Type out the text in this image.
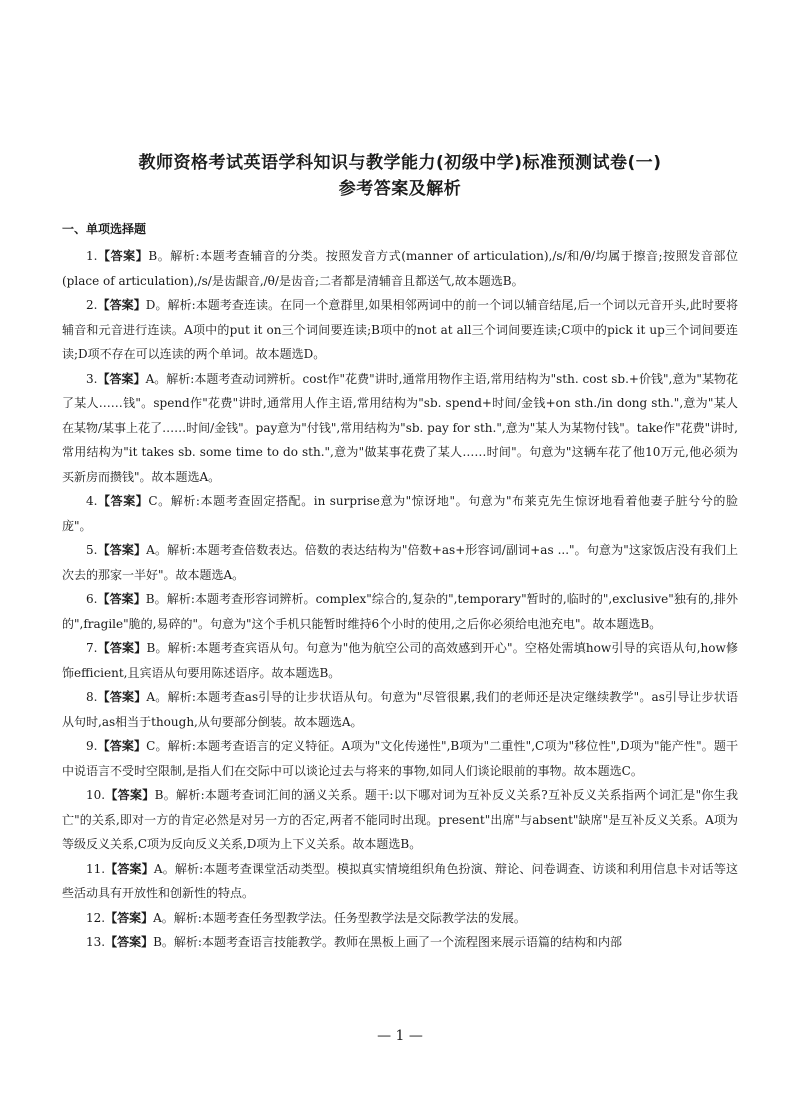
教师资格考试英语学科知识与教学能力(初级中学)标准预测试卷(一)
参考答案及解析
一、单项选择题

1.【答案】B。解析:本题考查辅音的分类。按照发音方式(manner of articulation),/s/和/θ/均属于擦音;按照发音部位(place of articulation),/s/是齿龈音,/θ/是齿音;二者都是清辅音且都送气,故本题选B。

2.【答案】D。解析:本题考查连读。在同一个意群里,如果相邻两词中的前一个词以辅音结尾,后一个词以元音开头,此时要将辅音和元音进行连读。A项中的put it on三个词间要连读;B项中的not at all三个词间要连读;C项中的pick it up三个词间要连读;D项不存在可以连读的两个单词。故本题选D。

3.【答案】A。解析:本题考查动词辨析。cost作"花费"讲时,通常用物作主语,常用结构为"sth. cost sb.+价钱",意为"某物花了某人……钱"。spend作"花费"讲时,通常用人作主语,常用结构为"sb. spend+时间/金钱+on sth./in dong sth.",意为"某人在某物/某事上花了……时间/金钱"。pay意为"付钱",常用结构为"sb. pay for sth.",意为"某人为某物付钱"。take作"花费"讲时,常用结构为"it takes sb. some time to do sth.",意为"做某事花费了某人……时间"。句意为"这辆车花了他10万元,他必须为买新房而攒钱"。故本题选A。

4.【答案】C。解析:本题考查固定搭配。in surprise意为"惊讶地"。句意为"布莱克先生惊讶地看着他妻子脏兮兮的脸庞"。

5.【答案】A。解析:本题考查倍数表达。倍数的表达结构为"倍数+as+形容词/副词+as ..."。句意为"这家饭店没有我们上次去的那家一半好"。故本题选A。

6.【答案】B。解析:本题考查形容词辨析。complex"综合的,复杂的",temporary"暂时的,临时的",exclusive"独有的,排外的",fragile"脆的,易碎的"。句意为"这个手机只能暂时维持6个小时的使用,之后你必须给电池充电"。故本题选B。

7.【答案】B。解析:本题考查宾语从句。句意为"他为航空公司的高效感到开心"。空格处需填how引导的宾语从句,how修饰efficient,且宾语从句要用陈述语序。故本题选B。

8.【答案】A。解析:本题考查as引导的让步状语从句。句意为"尽管很累,我们的老师还是决定继续教学"。as引导让步状语从句时,as相当于though,从句要部分倒装。故本题选A。

9.【答案】C。解析:本题考查语言的定义特征。A项为"文化传递性",B项为"二重性",C项为"移位性",D项为"能产性"。题干中说语言不受时空限制,是指人们在交际中可以谈论过去与将来的事物,如同人们谈论眼前的事物。故本题选C。

10.【答案】B。解析:本题考查词汇间的涵义关系。题干:以下哪对词为互补反义关系?互补反义关系指两个词汇是"你生我亡"的关系,即对一方的肯定必然是对另一方的否定,两者不能同时出现。present"出席"与absent"缺席"是互补反义关系。A项为等级反义关系,C项为反向反义关系,D项为上下义关系。故本题选B。

11.【答案】A。解析:本题考查课堂活动类型。模拟真实情境组织角色扮演、辩论、问卷调查、访谈和利用信息卡对话等这些活动具有开放性和创新性的特点。

12.【答案】A。解析:本题考查任务型教学法。任务型教学法是交际教学法的发展。

13.【答案】B。解析:本题考查语言技能教学。教师在黑板上画了一个流程图来展示语篇的结构和内部

— 1 —
